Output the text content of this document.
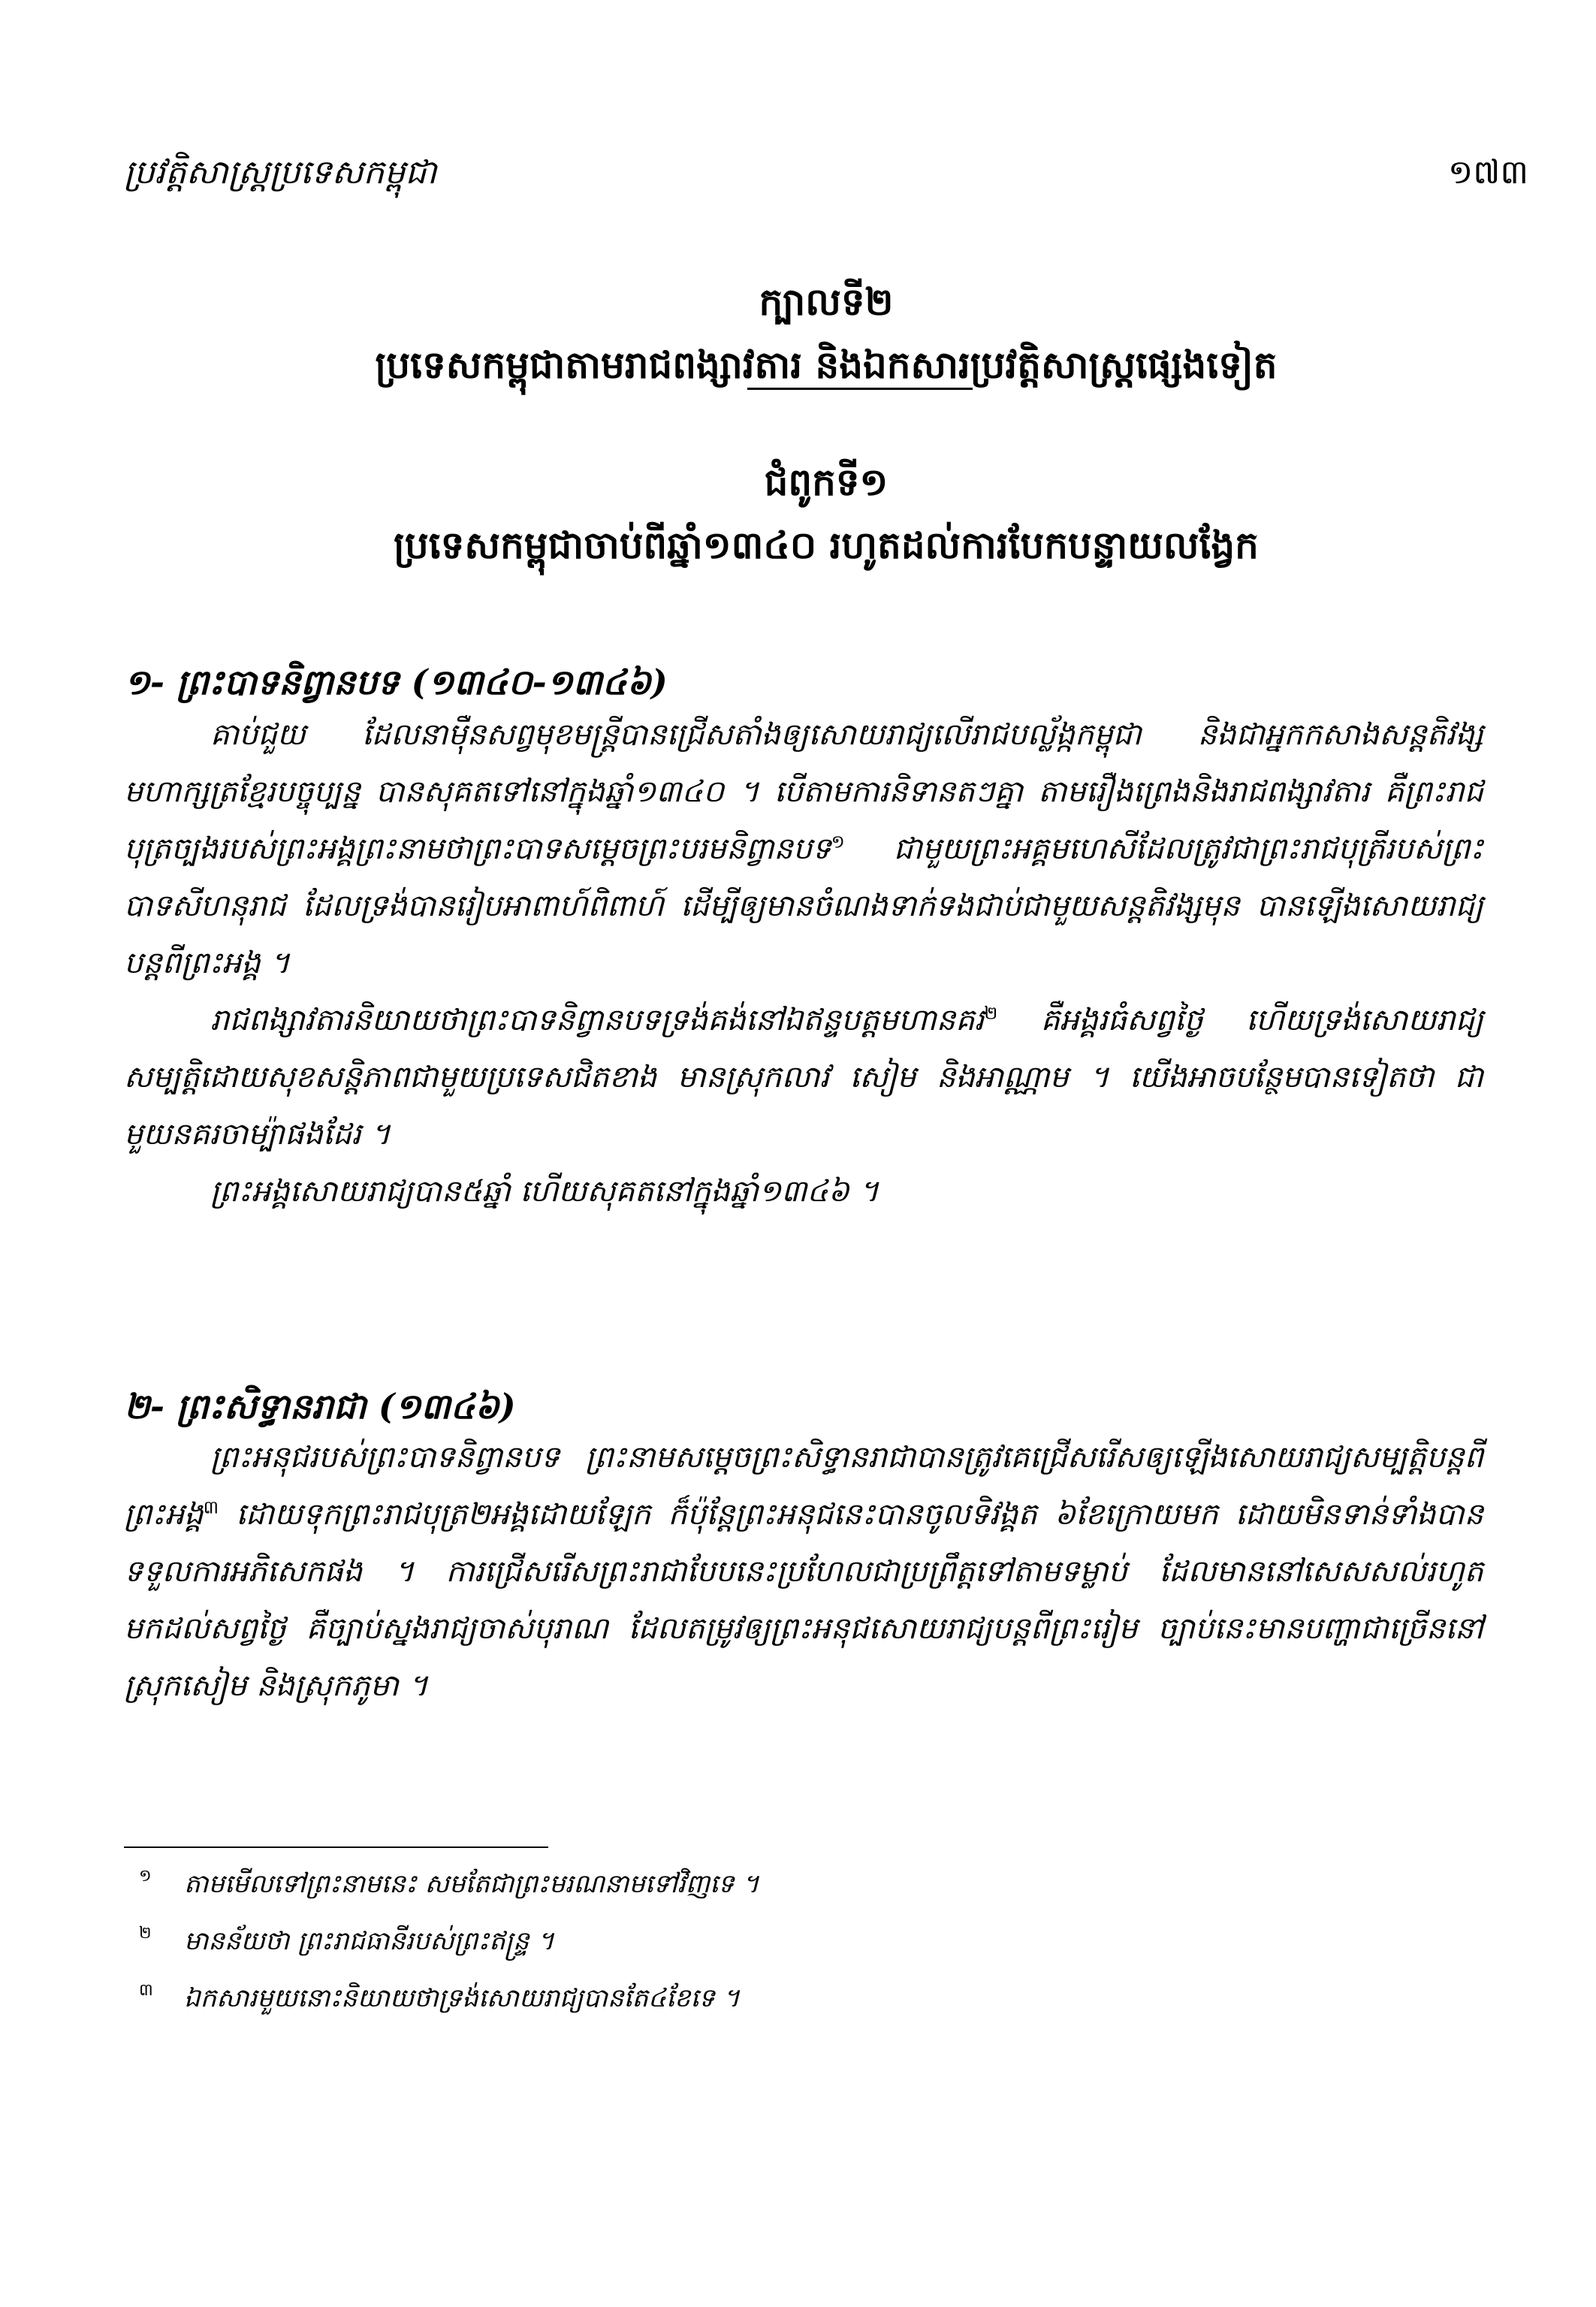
ប្រវត្តិសាស្ត្រប្រទេសកម្ពុជា	១៧៣
ក្បាលទី២
ប្រទេសកម្ពុជាតាមរាជពង្សាវតារ និងឯកសារប្រវត្តិសាស្ត្រផ្សេងទៀត
ជំពូកទី១
ប្រទេសកម្ពុជាចាប់ពីឆ្នាំ១៣៤០ រហូតដល់ការបែកបន្ទាយលង្វែក
១- ព្រះបាទនិព្វានបទ (១៣៤០-១៣៤៦)

គាប់ជួយ ដែលនាម៉ឺនសព្វមុខមន្ត្រីបានជ្រើសតាំងឲ្យសោយរាជ្យលើរាជបល្ល័ង្កកម្ពុជា និងជាអ្នកកសាងសន្តតិវង្សមហាក្សត្រខ្មែរបច្ចុប្បន្ន បានសុគតទៅនៅក្នុងឆ្នាំ១៣៤០ ។ បើតាមការនិទានតៗគ្នា តាមរឿងព្រេងនិងរាជពង្សាវតារ គឺព្រះរាជបុត្រច្បងរបស់ព្រះអង្គព្រះនាមថាព្រះបាទសម្តេចព្រះបរមនិព្វានបទ$^១$ ជាមួយព្រះអគ្គមហេសីដែលត្រូវជាព្រះរាជបុត្រីរបស់ព្រះបាទសីហនុរាជ ដែលទ្រង់បានរៀបអាពាហ៍ពិពាហ៍ ដើម្បីឲ្យមានចំណងទាក់ទងជាប់ជាមួយសន្តតិវង្សមុន បានឡើងសោយរាជ្យបន្តពីព្រះអង្គ ។

រាជពង្សាវតារនិយាយថាព្រះបាទនិព្វានបទទ្រង់គង់នៅឯឥន្ទបត្តមហានគរ$^២$ គឺអង្គរធំសព្វថ្ងៃ ហើយទ្រង់សោយរាជ្យសម្បត្តិដោយសុខសន្តិភាពជាមួយប្រទេសជិតខាង មានស្រុកលាវ សៀម និងអាណ្ណាម ។ យើងអាចបន្ថែមបានទៀតថា ជាមួយនគរចាម្ប៉ាផងដែរ ។

ព្រះអង្គសោយរាជ្យបាន៥ឆ្នាំ ហើយសុគតនៅក្នុងឆ្នាំ១៣៤៦ ។

២- ព្រះសិទ្ធានរាជា (១៣៤៦)

ព្រះអនុជរបស់ព្រះបាទនិព្វានបទ ព្រះនាមសម្តេចព្រះសិទ្ធានរាជាបានត្រូវគេជ្រើសរើសឲ្យឡើងសោយរាជ្យសម្បត្តិបន្តពីព្រះអង្គ$^៣$ ដោយទុកព្រះរាជបុត្រ២អង្គដោយឡែក ក៏ប៉ុន្តែព្រះអនុជនេះបានចូលទិវង្គត ៦ខែក្រោយមក ដោយមិនទាន់ទាំងបានទទួលការអភិសេកផង ។ ការជ្រើសរើសព្រះរាជាបែបនេះប្រហែលជាប្រព្រឹត្តទៅតាមទម្លាប់ ដែលមាននៅសេសសល់រហូតមកដល់សព្វថ្ងៃ គឺច្បាប់ស្នងរាជ្យចាស់បុរាណ ដែលតម្រូវឲ្យព្រះអនុជសោយរាជ្យបន្តពីព្រះរៀម ច្បាប់នេះមានបញ្ហាជាច្រើននៅស្រុកសៀម និងស្រុកភូមា ។

១ តាមមើលទៅព្រះនាមនេះ សមតែជាព្រះមរណនាមទៅវិញទេ ។
២ មានន័យថា ព្រះរាជធានីរបស់ព្រះឥន្ទ្រ ។
៣ ឯកសារមួយនោះនិយាយថាទ្រង់សោយរាជ្យបានតែ៤ខែទេ ។
